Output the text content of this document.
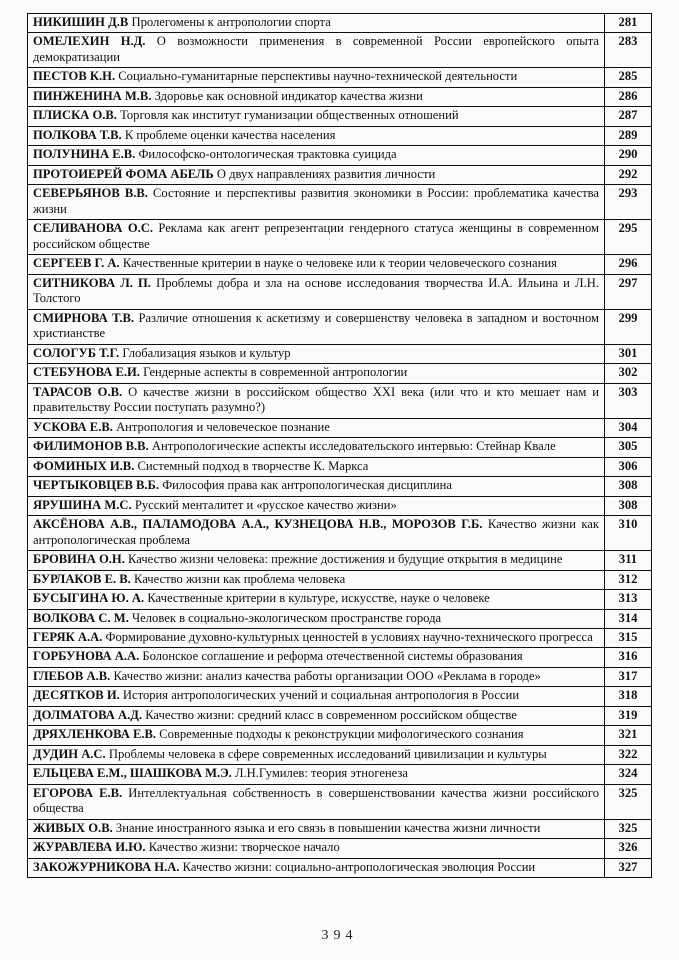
НИКИШИН Д.В Пролегомены к антропологии спорта	281
ОМЕЛЕХИН Н.Д. О возможности применения в современной России европейского опыта демократизации	283
ПЕСТОВ К.Н. Социально-гуманитарные перспективы научно-технической деятельности	285
ПИНЖЕНИНА М.В. Здоровье как основной индикатор качества жизни	286
ПЛИСКА О.В. Торговля как институт гуманизации общественных отношений	287
ПОЛКОВА Т.В. К проблеме оценки качества населения	289
ПОЛУНИНА Е.В. Философско-онтологическая трактовка суицида	290
ПРОТОИЕРЕЙ ФОМА АБЕЛЬ О двух направлениях развития личности	292
СЕВЕРЬЯНОВ В.В. Состояние и перспективы развития экономики в России: проблематика качества жизни	293
СЕЛИВАНОВА О.С. Реклама как агент репрезентации гендерного статуса женщины в современном российском обществе	295
СЕРГЕЕВ Г. А. Качественные критерии в науке о человеке или к теории человеческого сознания	296
СИТНИКОВА Л. П. Проблемы добра и зла на основе исследования творчества И.А. Ильина и Л.Н. Толстого	297
СМИРНОВА Т.В. Различие отношения к аскетизму и совершенству человека в западном и восточном христианстве	299
СОЛОГУБ Т.Г. Глобализация языков и культур	301
СТЕБУНОВА Е.И. Гендерные аспекты в современной антропологии	302
ТАРАСОВ О.В. О качестве жизни в российском общество XXI века (или что и кто мешает нам и правительству России поступать разумно?)	303
УСКОВА Е.В. Антропология и человеческое познание	304
ФИЛИМОНОВ В.В. Антропологические аспекты исследовательского интервью: Стейнар Квале	305
ФОМИНЫХ И.В. Системный подход в творчестве К. Маркса	306
ЧЕРТЫКОВЦЕВ В.Б. Философия права как антропологическая дисциплина	308
ЯРУШИНА М.С. Русский менталитет и «русское качество жизни»	308
АКСЁНОВА А.В., ПАЛАМОДОВА А.А., КУЗНЕЦОВА Н.В., МОРОЗОВ Г.Б. Качество жизни как антропологическая проблема	310
БРОВИНА О.Н. Качество жизни человека: прежние достижения и будущие открытия в медицине	311
БУРЛАКОВ Е. В. Качество жизни как проблема человека	312
БУСЫГИНА Ю. А. Качественные критерии в культуре, искусстве, науке о человеке	313
ВОЛКОВА С. М. Человек в социально-экологическом пространстве города	314
ГЕРЯК А.А. Формирование духовно-культурных ценностей в условиях научно-технического прогресса	315
ГОРБУНОВА А.А. Болонское соглашение и реформа отечественной системы образования	316
ГЛЕБОВ А.В. Качество жизни: анализ качества работы организации ООО «Реклама в городе»	317
ДЕСЯТКОВ И. История антропологических учений и социальная антропология в России	318
ДОЛМАТОВА А.Д. Качество жизни: средний класс в современном российском обществе	319
ДРЯХЛЕНКОВА Е.В. Современные подходы к реконструкции мифологического сознания	321
ДУДИН А.С. Проблемы человека в сфере современных исследований цивилизации и культуры	322
ЕЛЬЦЕВА Е.М., ШАШКОВА М.Э. Л.Н.Гумилев: теория этногенеза	324
ЕГОРОВА Е.В. Интеллектуальная собственность в совершенствовании качества жизни российского общества	325
ЖИВЫХ О.В. Знание иностранного языка и его связь в повышении качества жизни личности	325
ЖУРАВЛЕВА И.Ю. Качество жизни: творческое начало	326
ЗАКОЖУРНИКОВА Н.А. Качество жизни: социально-антропологическая эволюция России	327
394
